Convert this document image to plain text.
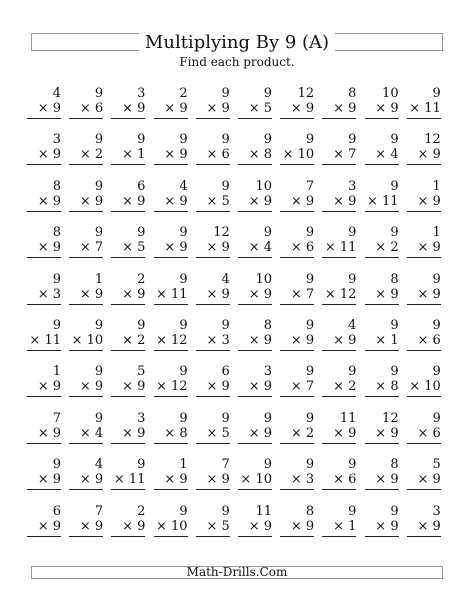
Multiplying By 9 (A)
Find each product.
4
× 9
9
× 6
3
× 9
2
× 9
9
× 9
9
× 5
12
× 9
8
× 9
10
× 9
9
× 11
3
× 9
9
× 2
9
× 1
9
× 9
9
× 6
9
× 8
9
× 10
9
× 7
9
× 4
12
× 9
8
× 9
9
× 9
6
× 9
4
× 9
9
× 5
10
× 9
7
× 9
3
× 9
9
× 11
1
× 9
8
× 9
9
× 7
9
× 5
9
× 9
12
× 9
9
× 4
9
× 6
9
× 11
9
× 2
1
× 9
9
× 3
1
× 9
2
× 9
9
× 11
4
× 9
10
× 9
9
× 7
9
× 12
8
× 9
9
× 9
9
× 11
9
× 10
9
× 2
9
× 12
9
× 3
8
× 9
9
× 9
4
× 9
9
× 1
9
× 6
1
× 9
9
× 9
5
× 9
9
× 12
6
× 9
3
× 9
9
× 7
9
× 2
9
× 8
9
× 10
7
× 9
9
× 4
3
× 9
9
× 8
9
× 5
9
× 9
9
× 2
11
× 9
12
× 9
9
× 6
9
× 9
4
× 9
9
× 11
1
× 9
7
× 9
9
× 10
9
× 3
9
× 6
8
× 9
5
× 9
6
× 9
7
× 9
2
× 9
9
× 10
9
× 5
11
× 9
8
× 9
9
× 1
9
× 9
3
× 9
Math-Drills.Com
